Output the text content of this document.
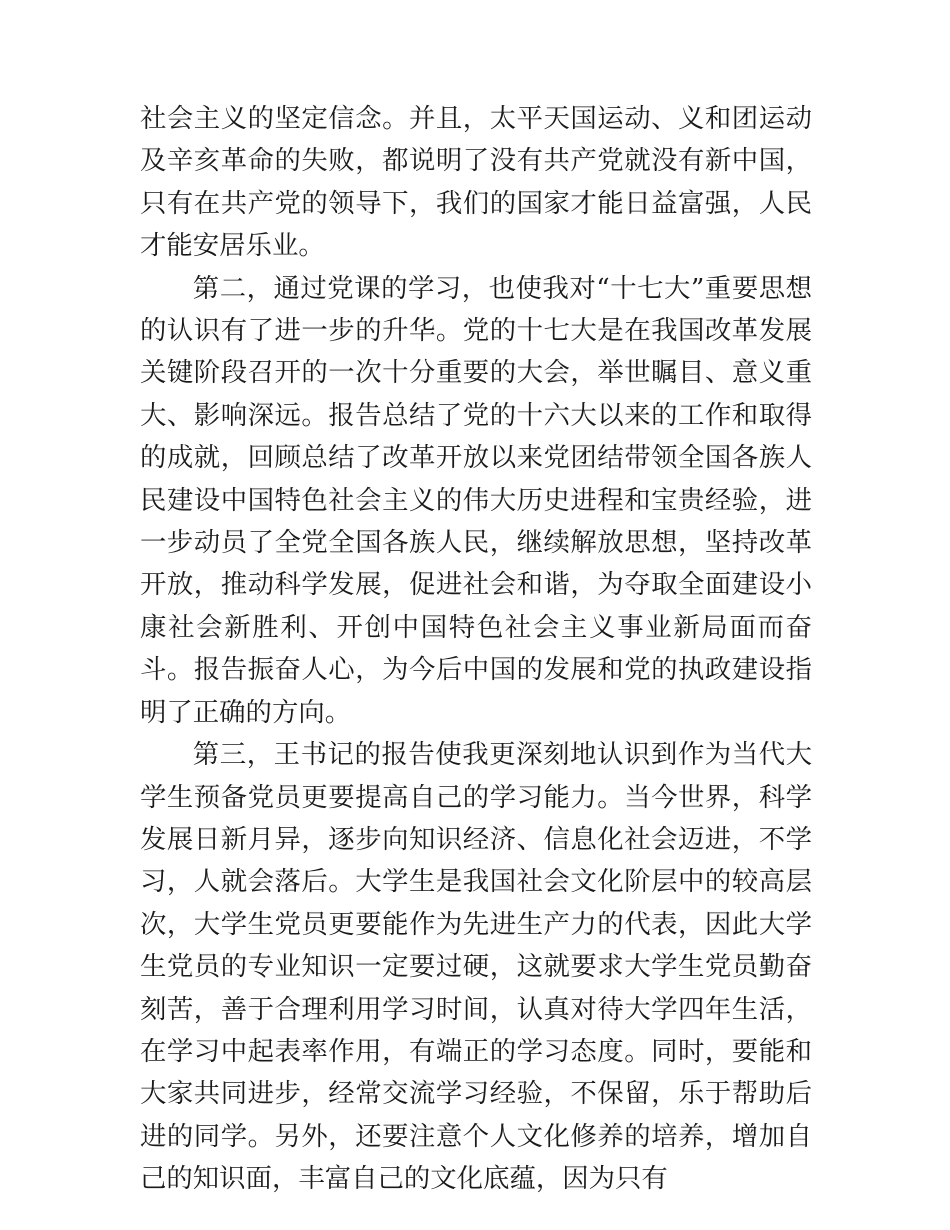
社会主义的坚定信念。并且，太平天国运动、义和团运动及辛亥革命的失败，都说明了没有共产党就没有新中国，只有在共产党的领导下，我们的国家才能日益富强，人民才能安居乐业。

第二，通过党课的学习，也使我对“十七大”重要思想的认识有了进一步的升华。党的十七大是在我国改革发展关键阶段召开的一次十分重要的大会，举世瞩目、意义重大、影响深远。报告总结了党的十六大以来的工作和取得的成就，回顾总结了改革开放以来党团结带领全国各族人民建设中国特色社会主义的伟大历史进程和宝贵经验，进一步动员了全党全国各族人民，继续解放思想，坚持改革开放，推动科学发展，促进社会和谐，为夺取全面建设小康社会新胜利、开创中国特色社会主义事业新局面而奋斗。报告振奋人心，为今后中国的发展和党的执政建设指明了正确的方向。

第三，王书记的报告使我更深刻地认识到作为当代大学生预备党员更要提高自己的学习能力。当今世界，科学发展日新月异，逐步向知识经济、信息化社会迈进，不学习，人就会落后。大学生是我国社会文化阶层中的较高层次，大学生党员更要能作为先进生产力的代表，因此大学生党员的专业知识一定要过硬，这就要求大学生党员勤奋刻苦，善于合理利用学习时间，认真对待大学四年生活，在学习中起表率作用，有端正的学习态度。同时，要能和大家共同进步，经常交流学习经验，不保留，乐于帮助后进的同学。另外，还要注意个人文化修养的培养，增加自己的知识面，丰富自己的文化底蕴，因为只有
